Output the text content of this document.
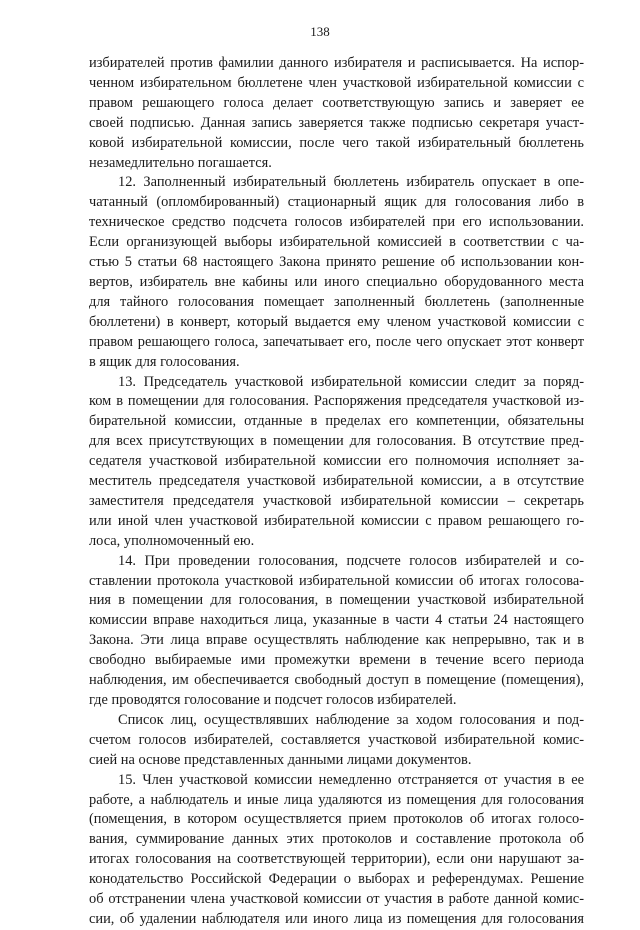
138

избирателей против фамилии данного избирателя и расписывается. На испор-
ченном избирательном бюллетене член участковой избирательной комиссии с
правом решающего голоса делает соответствующую запись и заверяет ее
своей подписью. Данная запись заверяется также подписью секретаря участ-
ковой избирательной комиссии, после чего такой избирательный бюллетень
незамедлительно погашается.

12. Заполненный избирательный бюллетень избиратель опускает в опе-
чатанный (опломбированный) стационарный ящик для голосования либо в
техническое средство подсчета голосов избирателей при его использовании.
Если организующей выборы избирательной комиссией в соответствии с ча-
стью 5 статьи 68 настоящего Закона принято решение об использовании кон-
вертов, избиратель вне кабины или иного специально оборудованного места
для тайного голосования помещает заполненный бюллетень (заполненные
бюллетени) в конверт, который выдается ему членом участковой комиссии с
правом решающего голоса, запечатывает его, после чего опускает этот конверт
в ящик для голосования.

13. Председатель участковой избирательной комиссии следит за поряд-
ком в помещении для голосования. Распоряжения председателя участковой из-
бирательной комиссии, отданные в пределах его компетенции, обязательны
для всех присутствующих в помещении для голосования. В отсутствие пред-
седателя участковой избирательной комиссии его полномочия исполняет за-
меститель председателя участковой избирательной комиссии, а в отсутствие
заместителя председателя участковой избирательной комиссии – секретарь
или иной член участковой избирательной комиссии с правом решающего го-
лоса, уполномоченный ею.

14. При проведении голосования, подсчете голосов избирателей и со-
ставлении протокола участковой избирательной комиссии об итогах голосова-
ния в помещении для голосования, в помещении участковой избирательной
комиссии вправе находиться лица, указанные в части 4 статьи 24 настоящего
Закона. Эти лица вправе осуществлять наблюдение как непрерывно, так и в
свободно выбираемые ими промежутки времени в течение всего периода
наблюдения, им обеспечивается свободный доступ в помещение (помещения),
где проводятся голосование и подсчет голосов избирателей.

Список лиц, осуществлявших наблюдение за ходом голосования и под-
счетом голосов избирателей, составляется участковой избирательной комис-
сией на основе представленных данными лицами документов.

15. Член участковой комиссии немедленно отстраняется от участия в ее
работе, а наблюдатель и иные лица удаляются из помещения для голосования
(помещения, в котором осуществляется прием протоколов об итогах голосо-
вания, суммирование данных этих протоколов и составление протокола об
итогах голосования на соответствующей территории), если они нарушают за-
конодательство Российской Федерации о выборах и референдумах. Решение
об отстранении члена участковой комиссии от участия в работе данной комис-
сии, об удалении наблюдателя или иного лица из помещения для голосования
